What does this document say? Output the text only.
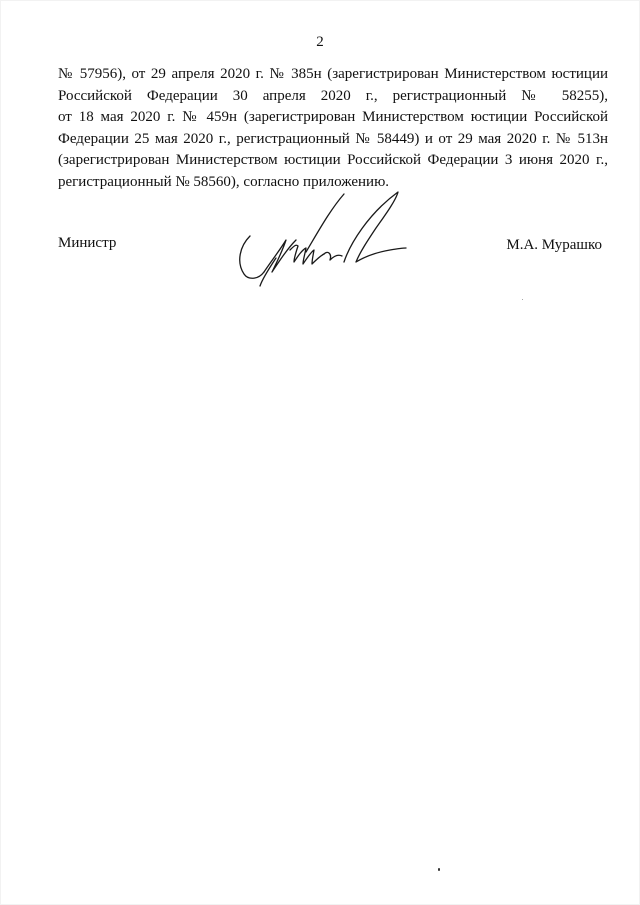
2
№ 57956), от 29 апреля 2020 г. № 385н (зарегистрирован Министерством юстиции
Российской Федерации 30 апреля 2020 г., регистрационный № 58255),
от 18 мая 2020 г. № 459н (зарегистрирован Министерством юстиции Российской
Федерации 25 мая 2020 г., регистрационный № 58449) и от 29 мая 2020 г. № 513н
(зарегистрирован Министерством юстиции Российской Федерации 3 июня 2020 г.,
регистрационный № 58560), согласно приложению.
Министр	М.А. Мурашко
